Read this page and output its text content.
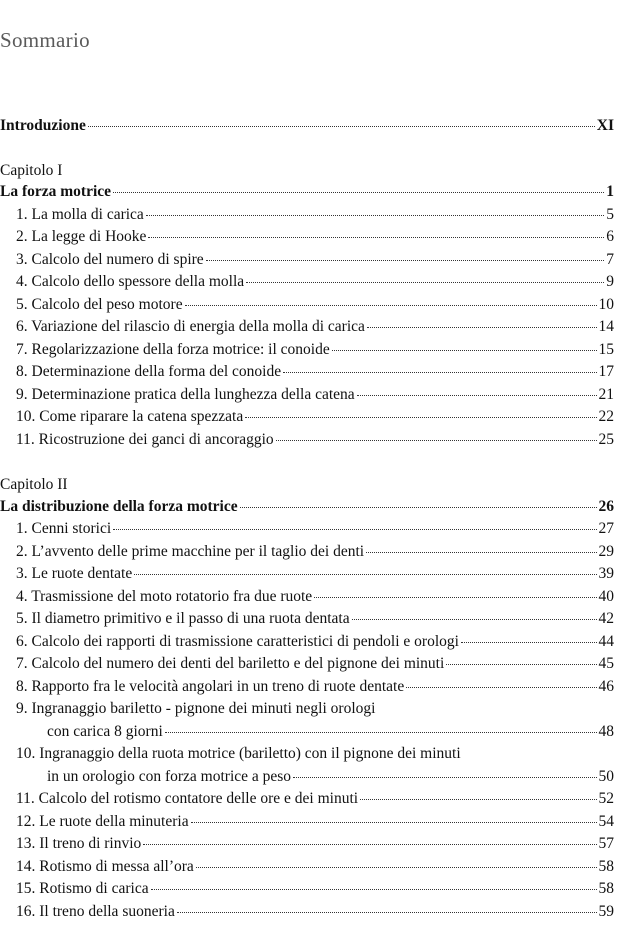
Sommario
Introduzione	XI
Capitolo I
La forza motrice	1
1. La molla di carica	5
2. La legge di Hooke	6
3. Calcolo del numero di spire	7
4. Calcolo dello spessore della molla	9
5. Calcolo del peso motore	10
6. Variazione del rilascio di energia della molla di carica	14
7. Regolarizzazione della forza motrice: il conoide	15
8. Determinazione della forma del conoide	17
9. Determinazione pratica della lunghezza della catena	21
10. Come riparare la catena spezzata	22
11. Ricostruzione dei ganci di ancoraggio	25
Capitolo II
La distribuzione della forza motrice	26
1. Cenni storici	27
2. L’avvento delle prime macchine per il taglio dei denti	29
3. Le ruote dentate	39
4. Trasmissione del moto rotatorio fra due ruote	40
5. Il diametro primitivo e il passo di una ruota dentata	42
6. Calcolo dei rapporti di trasmissione caratteristici di pendoli e orologi	44
7. Calcolo del numero dei denti del bariletto e del pignone dei minuti	45
8. Rapporto fra le velocità angolari in un treno di ruote dentate	46
9. Ingranaggio bariletto - pignone dei minuti negli orologi
con carica 8 giorni	48
10. Ingranaggio della ruota motrice (bariletto) con il pignone dei minuti
in un orologio con forza motrice a peso	50
11. Calcolo del rotismo contatore delle ore e dei minuti	52
12. Le ruote della minuteria	54
13. Il treno di rinvio	57
14. Rotismo di messa all’ora	58
15. Rotismo di carica	58
16. Il treno della suoneria	59
